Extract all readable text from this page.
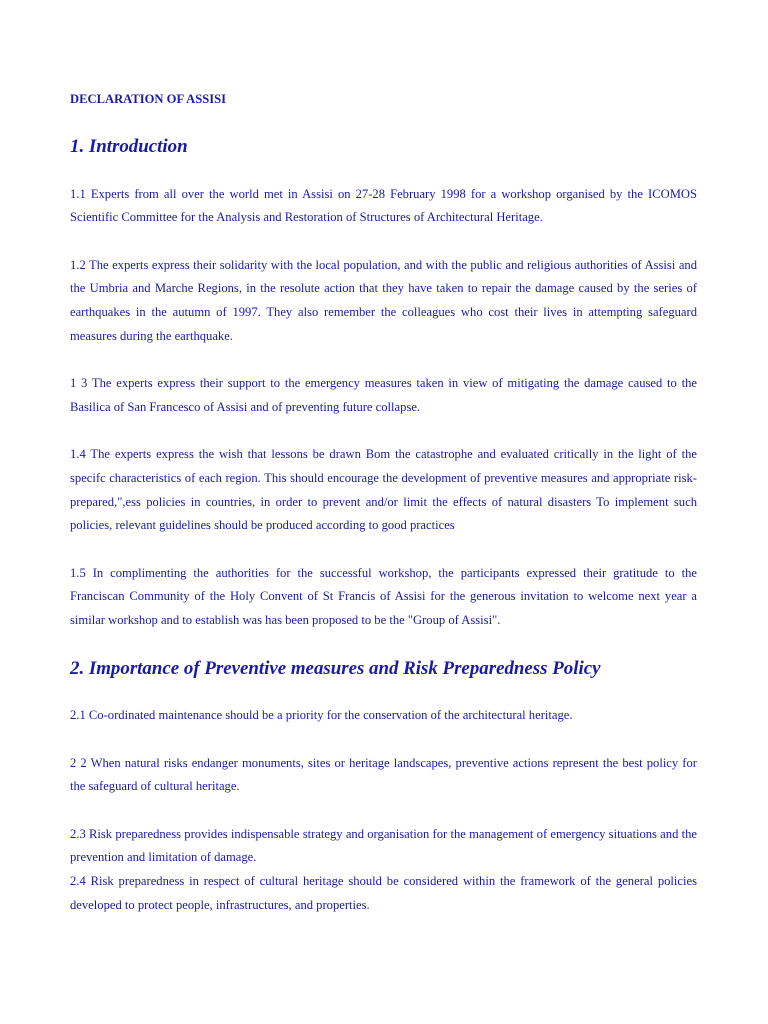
DECLARATION OF ASSISI
1. Introduction

1.1 Experts from all over the world met in Assisi on 27-28 February 1998 for a workshop organised by the ICOMOS Scientific Committee for the Analysis and Restoration of Structures of Architectural Heritage.

1.2 The experts express their solidarity with the local population, and with the public and religious authorities of Assisi and the Umbria and Marche Regions, in the resolute action that they have taken to repair the damage caused by the series of earthquakes in the autumn of 1997. They also remember the colleagues who cost their lives in attempting safeguard measures during the earthquake.

1 3 The experts express their support to the emergency measures taken in view of mitigating the damage caused to the Basilica of San Francesco of Assisi and of preventing future collapse.

1.4 The experts express the wish that lessons be drawn Bom the catastrophe and evaluated critically in the light of the specifc characteristics of each region. This should encourage the development of preventive measures and appropriate risk-prepared,",ess policies in countries, in order to prevent and/or limit the effects of natural disasters To implement such policies, relevant guidelines should be produced according to good practices

1.5 In complimenting the authorities for the successful workshop, the participants expressed their gratitude to the Franciscan Community of the Holy Convent of St Francis of Assisi for the generous invitation to welcome next year a similar workshop and to establish was has been proposed to be the "Group of Assisi".

2. Importance of Preventive measures and Risk Preparedness Policy

2.1 Co-ordinated maintenance should be a priority for the conservation of the architectural heritage.

2 2 When natural risks endanger monuments, sites or heritage landscapes, preventive actions represent the best policy for the safeguard of cultural heritage.

2.3 Risk preparedness provides indispensable strategy and organisation for the management of emergency situations and the prevention and limitation of damage.

2.4 Risk preparedness in respect of cultural heritage should be considered within the framework of the general policies developed to protect people, infrastructures, and properties.
